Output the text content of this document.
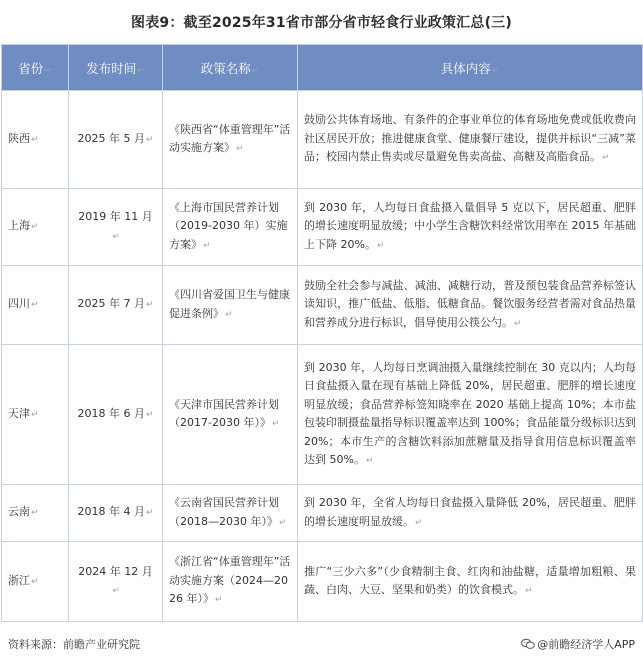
图表9：截至2025年31省市部分省市轻食行业政策汇总(三)
省份↵	发布时间↵	政策名称↵	具体内容↵
陕西↵	2025 年 5 月↵	《陕西省“体重管理年”活动实施方案》↵	鼓励公共体育场地、有条件的企事业单位的体育场地免费或低收费向社区居民开放；推进健康食堂、健康餐厅建设，提供并标识“三减”菜品；校园内禁止售卖或尽量避免售卖高盐、高糖及高脂食品。↵
上海↵	2019 年 11 月↵	《上海市国民营养计划（2019-2030 年）实施方案》↵	到 2030 年，人均每日食盐摄入量倡导 5 克以下，居民超重、肥胖的增长速度明显放缓；中小学生含糖饮料经常饮用率在 2015 年基础上下降 20%。↵
四川↵	2025 年 7 月↵	《四川省爱国卫生与健康促进条例》↵	鼓励全社会参与减盐、减油、减糖行动，普及预包装食品营养标签认读知识，推广低盐、低脂、低糖食品。餐饮服务经营者需对食品热量和营养成分进行标识，倡导使用公筷公勺。↵
天津↵	2018 年 6 月↵	《天津市国民营养计划（2017-2030 年）》↵	到 2030 年，人均每日烹调油摄入量继续控制在 30 克以内；人均每日食盐摄入量在现有基础上降低 20%，居民超重、肥胖的增长速度明显放缓；食品营养标签知晓率在 2020 基础上提高 10%；本市盐包装印制摄盐量指导标识覆盖率达到 100%；食品能量分级标识达到 20%；本市生产的含糖饮料添加蔗糖量及指导食用信息标识覆盖率达到 50%。↵
云南↵	2018 年 4 月↵	《云南省国民营养计划（2018—2030 年）》↵	到 2030 年，全省人均每日食盐摄入量降低 20%，居民超重、肥胖的增长速度明显放缓。↵
浙江↵	2024 年 12 月↵	《浙江省“体重管理年”活动实施方案（2024—2026 年）》↵	推广“三少六多”（少食精制主食、红肉和油盐糖，适量增加粗粮、果蔬、白肉、大豆、坚果和奶类）的饮食模式。↵
资料来源：前瞻产业研究院	@前瞻经济学人APP
